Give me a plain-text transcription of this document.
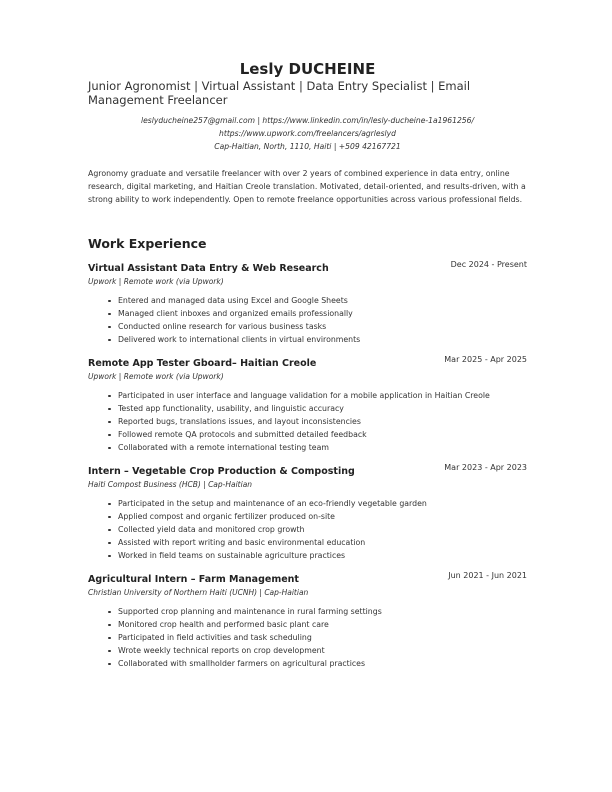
Lesly DUCHEINE
Junior Agronomist | Virtual Assistant | Data Entry Specialist | Email Management Freelancer
leslyducheine257@gmail.com | https://www.linkedin.com/in/lesly-ducheine-1a1961256/
https://www.upwork.com/freelancers/agrleslyd
Cap-Haitian, North, 1110, Haiti | +509 42167721
Agronomy graduate and versatile freelancer with over 2 years of combined experience in data entry, online research, digital marketing, and Haitian Creole translation. Motivated, detail-oriented, and results-driven, with a strong ability to work independently. Open to remote freelance opportunities across various professional fields.
Work Experience
Virtual Assistant Data Entry & Web Research	Dec 2024 - Present
Upwork | Remote work (via Upwork)
Entered and managed data using Excel and Google Sheets
Managed client inboxes and organized emails professionally
Conducted online research for various business tasks
Delivered work to international clients in virtual environments
Remote App Tester Gboard– Haitian Creole	Mar 2025 - Apr 2025
Upwork | Remote work (via Upwork)
Participated in user interface and language validation for a mobile application in Haitian Creole
Tested app functionality, usability, and linguistic accuracy
Reported bugs, translations issues, and layout inconsistencies
Followed remote QA protocols and submitted detailed feedback
Collaborated with a remote international testing team
Intern – Vegetable Crop Production & Composting	Mar 2023 - Apr 2023
Haiti Compost Business (HCB) | Cap-Haitian
Participated in the setup and maintenance of an eco-friendly vegetable garden
Applied compost and organic fertilizer produced on-site
Collected yield data and monitored crop growth
Assisted with report writing and basic environmental education
Worked in field teams on sustainable agriculture practices
Agricultural Intern – Farm Management	Jun 2021 - Jun 2021
Christian University of Northern Haiti (UCNH) | Cap-Haitian
Supported crop planning and maintenance in rural farming settings
Monitored crop health and performed basic plant care
Participated in field activities and task scheduling
Wrote weekly technical reports on crop development
Collaborated with smallholder farmers on agricultural practices
